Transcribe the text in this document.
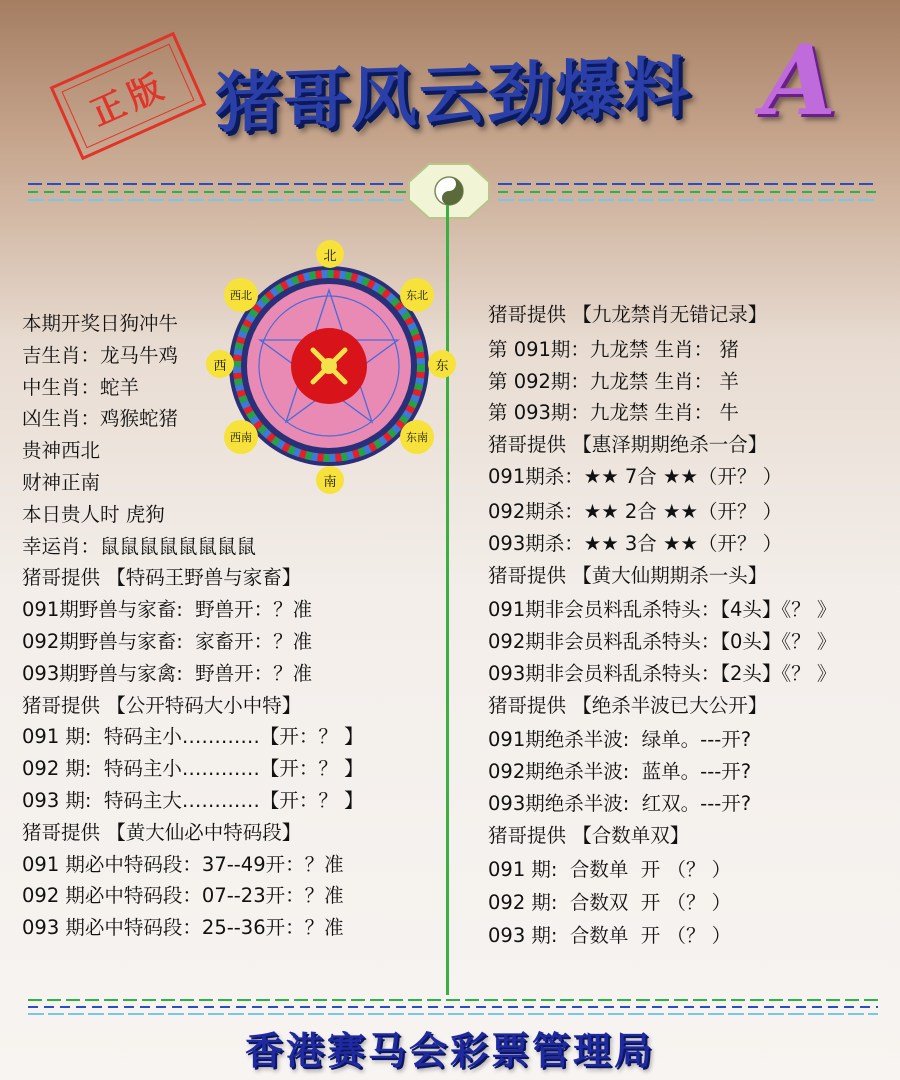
正版 猪哥风云劲爆料 A
北
东北
东
东南
南
西南
西
西北
本期开奖日狗冲牛
吉生肖：龙马牛鸡
中生肖：蛇羊
凶生肖：鸡猴蛇猪
贵神西北
财神正南
本日贵人时 虎狗
幸运肖：鼠鼠鼠鼠鼠鼠鼠鼠
猪哥提供 【特码王野兽与家畜】
091期野兽与家畜:  野兽开：？准
092期野兽与家畜:  家畜开：？准
093期野兽与家禽:  野兽开：？准
猪哥提供 【公开特码大小中特】
091 期:  特码主小…………【开：？ 】
092 期:  特码主小…………【开：？ 】
093 期:  特码主大…………【开：？ 】
猪哥提供 【黄大仙必中特码段】
091 期必中特码段：37--49开：？准
092 期必中特码段：07--23开：？准
093 期必中特码段：25--36开：？准
猪哥提供 【九龙禁肖无错记录】
第 091期：九龙禁 生肖： 猪
第 092期：九龙禁 生肖： 羊
第 093期：九龙禁 生肖： 牛
猪哥提供 【惠泽期期绝杀一合】
091期杀：★★ 7合 ★★（开？ ）
092期杀：★★ 2合 ★★（开？ ）
093期杀：★★ 3合 ★★（开？ ）
猪哥提供 【黄大仙期期杀一头】
091期非会员料乱杀特头：【4头】《？ 》
092期非会员料乱杀特头：【0头】《？ 》
093期非会员料乱杀特头：【2头】《？ 》
猪哥提供 【绝杀半波已大公开】
091期绝杀半波:  绿单。---开?
092期绝杀半波:  蓝单。---开?
093期绝杀半波:  红双。---开?
猪哥提供 【合数单双】
091 期:  合数单  开 （？ ）
092 期:  合数双  开 （？ ）
093 期:  合数单  开 （？ ）
香港赛马会彩票管理局
